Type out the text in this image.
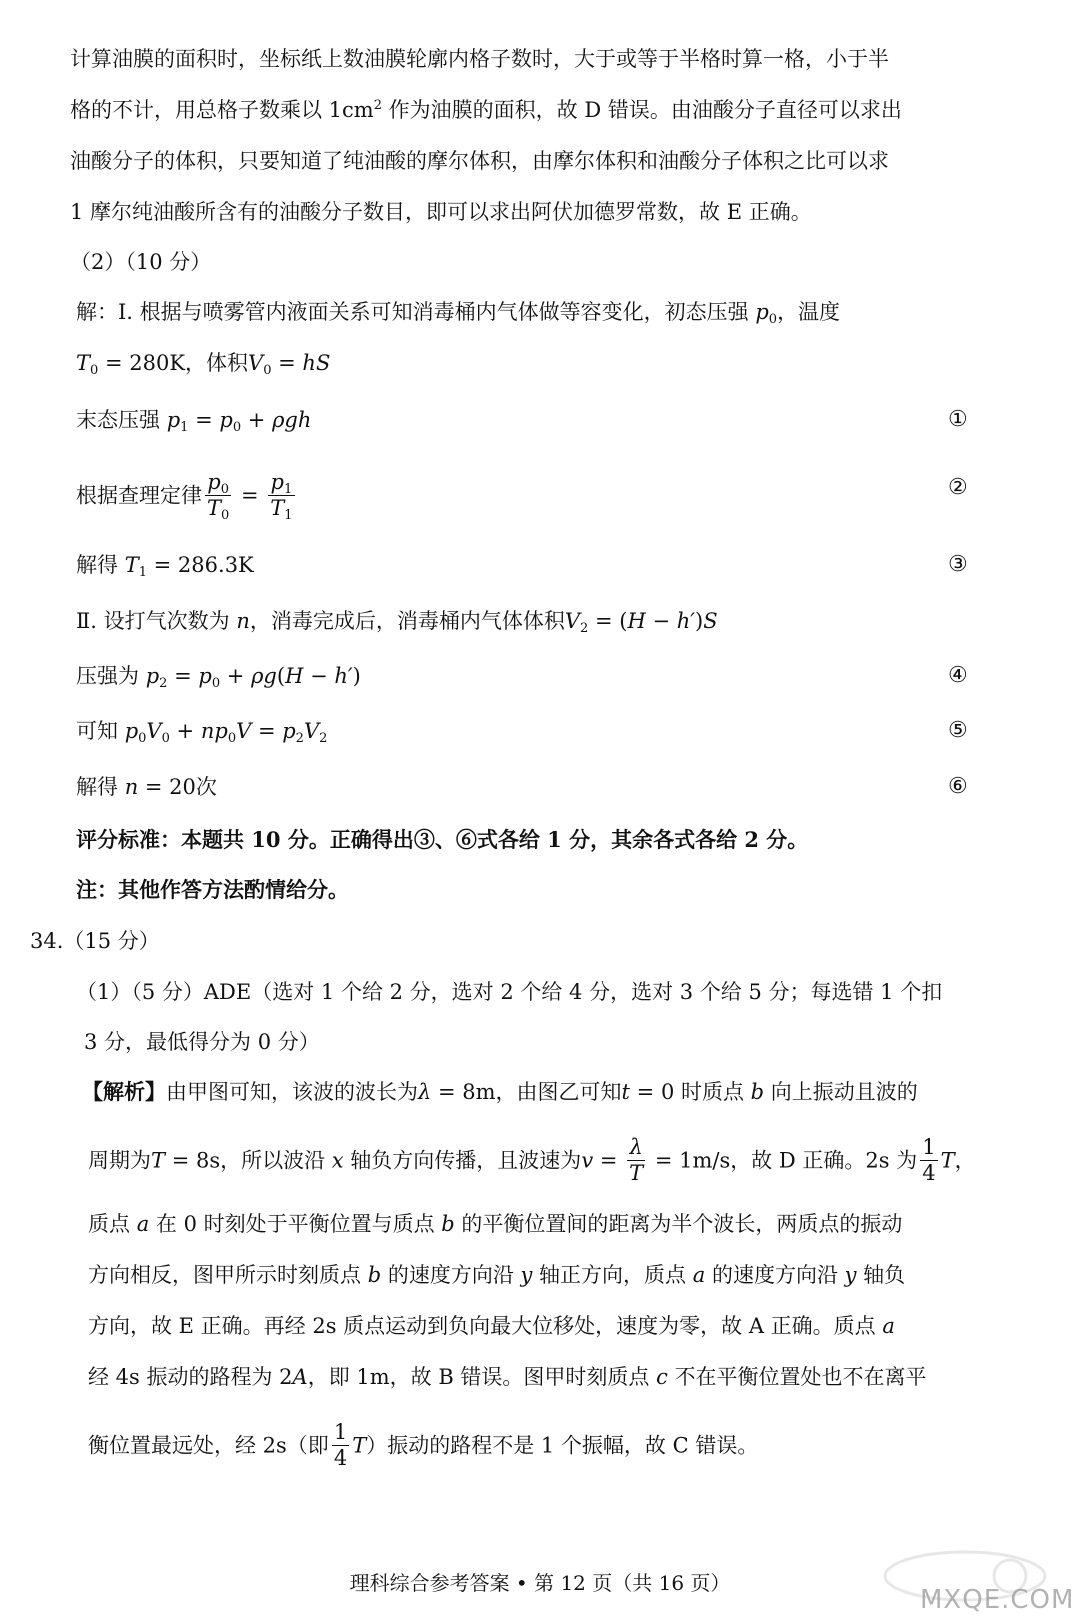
计算油膜的面积时，坐标纸上数油膜轮廓内格子数时，大于或等于半格时算一格，小于半
格的不计，用总格子数乘以 $1cm^2$ 作为油膜的面积，故 D 错误。由油酸分子直径可以求出
油酸分子的体积，只要知道了纯油酸的摩尔体积，由摩尔体积和油酸分子体积之比可以求
1 摩尔纯油酸所含有的油酸分子数目，即可以求出阿伏加德罗常数，故 E 正确。
（2）（10 分）
解：Ⅰ. 根据与喷雾管内液面关系可知消毒桶内气体做等容变化，初态压强 $p_0$，温度
$T_0 = 280K$，体积$V_0$ = hS
末态压强 $p_1 = p_0 + \rho gh$	①
根据查理定律 $\frac{p_0}{T_0} = \frac{p_1}{T_1}$	②
解得 $T_1 = 286.3K$	③
Ⅱ. 设打气次数为 n，消毒完成后，消毒桶内气体体积$V_2 = (H - h')S$
压强为 $p_2 = p_0 + \rho g(H - h')$	④
可知 $p_0V_0 + np_0V = p_2V_2$	⑤
解得 n = 20次	⑥
评分标准：本题共 10 分。正确得出③、⑥式各给 1 分，其余各式各给 2 分。
注：其他作答方法酌情给分。
34.（15 分）
（1）（5 分）ADE（选对 1 个给 2 分，选对 2 个给 4 分，选对 3 个给 5 分；每选错 1 个扣
3 分，最低得分为 0 分）
【解析】由甲图可知，该波的波长为λ = 8m，由图乙可知t = 0 时质点 b 向上振动且波的
周期为T = 8s，所以波沿 x 轴负方向传播，且波速为$v = \frac{\lambda}{T} = 1m/s$，故 D 正确。2s 为 $\frac{1}{4}$ T，
质点 a 在 0 时刻处于平衡位置与质点 b 的平衡位置间的距离为半个波长，两质点的振动
方向相反，图甲所示时刻质点 b 的速度方向沿 y 轴正方向，质点 a 的速度方向沿 y 轴负
方向，故 E 正确。再经 2s 质点运动到负向最大位移处，速度为零，故 A 正确。质点 a
经 4s 振动的路程为 2A，即 1m，故 B 错误。图甲时刻质点 c 不在平衡位置处也不在离平
衡位置最远处，经 2s（即 $\frac{1}{4} T$）振动的路程不是 1 个振幅，故 C 错误。
理科综合参考答案 • 第 12 页（共 16 页）
MXQE.COM
